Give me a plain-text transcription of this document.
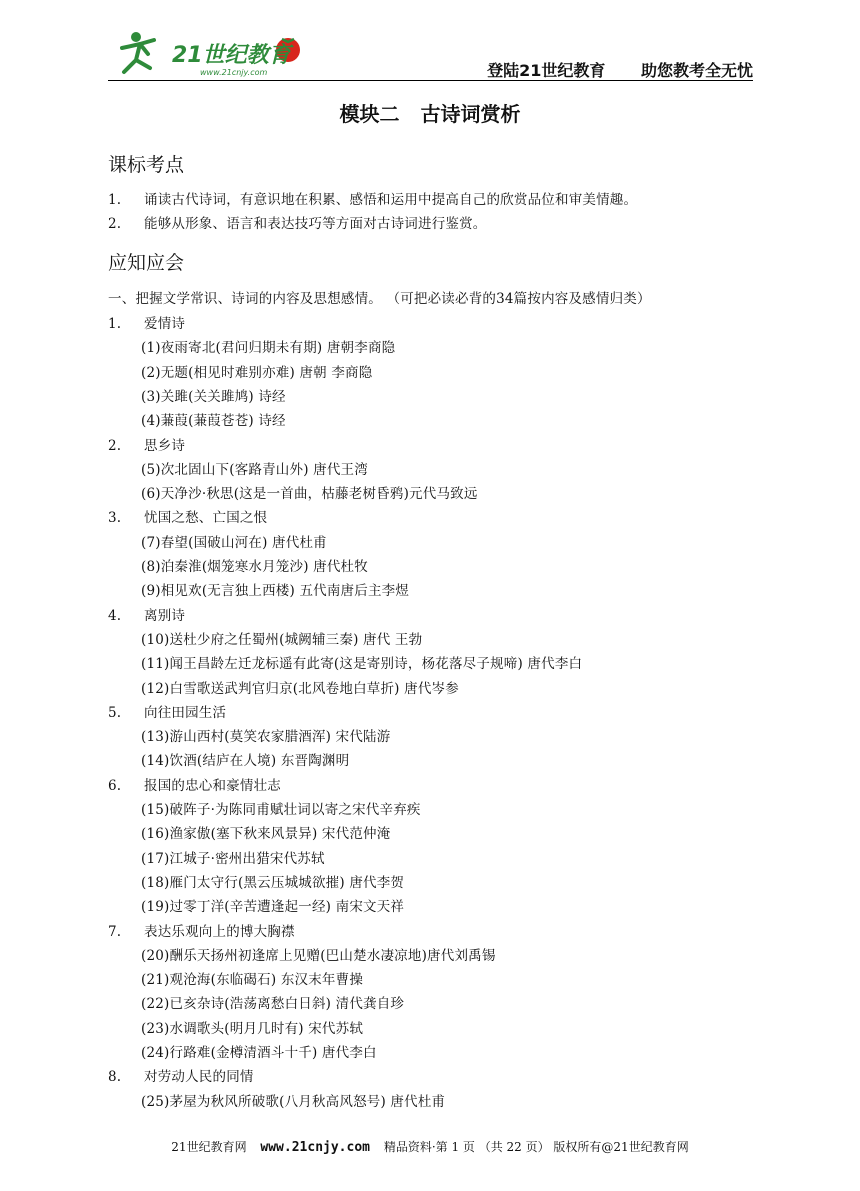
21世纪教育
www.21cnjy.com	登陆21世纪教育 助您教考全无忧
模块二 古诗词赏析
课标考点
1. 诵读古代诗词，有意识地在积累、感悟和运用中提高自己的欣赏品位和审美情趣。
2. 能够从形象、语言和表达技巧等方面对古诗词进行鉴赏。
应知应会
一、把握文学常识、诗词的内容及思想感情。 （可把必读必背的34篇按内容及感情归类）
1. 爱情诗
(1)夜雨寄北(君问归期未有期) 唐朝李商隐
(2)无题(相见时难别亦难) 唐朝 李商隐
(3)关雎(关关雎鸠) 诗经
(4)蒹葭(蒹葭苍苍) 诗经
2. 思乡诗
(5)次北固山下(客路青山外) 唐代王湾
(6)天净沙·秋思(这是一首曲，枯藤老树昏鸦)元代马致远
3. 忧国之愁、亡国之恨
(7)春望(国破山河在) 唐代杜甫
(8)泊秦淮(烟笼寒水月笼沙) 唐代杜牧
(9)相见欢(无言独上西楼) 五代南唐后主李煜
4. 离别诗
(10)送杜少府之任蜀州(城阙辅三秦) 唐代 王勃
(11)闻王昌龄左迁龙标遥有此寄(这是寄别诗，杨花落尽子规啼) 唐代李白
(12)白雪歌送武判官归京(北风卷地白草折) 唐代岑参
5. 向往田园生活
(13)游山西村(莫笑农家腊酒浑) 宋代陆游
(14)饮酒(结庐在人境) 东晋陶渊明
6. 报国的忠心和豪情壮志
(15)破阵子·为陈同甫赋壮词以寄之宋代辛弃疾
(16)渔家傲(塞下秋来风景异) 宋代范仲淹
(17)江城子·密州出猎宋代苏轼
(18)雁门太守行(黑云压城城欲摧) 唐代李贺
(19)过零丁洋(辛苦遭逢起一经) 南宋文天祥
7. 表达乐观向上的博大胸襟
(20)酬乐天扬州初逢席上见赠(巴山楚水凄凉地)唐代刘禹锡
(21)观沧海(东临碣石) 东汉末年曹操
(22)已亥杂诗(浩荡离愁白日斜) 清代龚自珍
(23)水调歌头(明月几时有) 宋代苏轼
(24)行路难(金樽清酒斗十千) 唐代李白
8. 对劳动人民的同情
(25)茅屋为秋风所破歌(八月秋高风怒号) 唐代杜甫
21世纪教育网 www.21cnjy.com 精品资料·第 1 页 （共 22 页） 版权所有@21世纪教育网
